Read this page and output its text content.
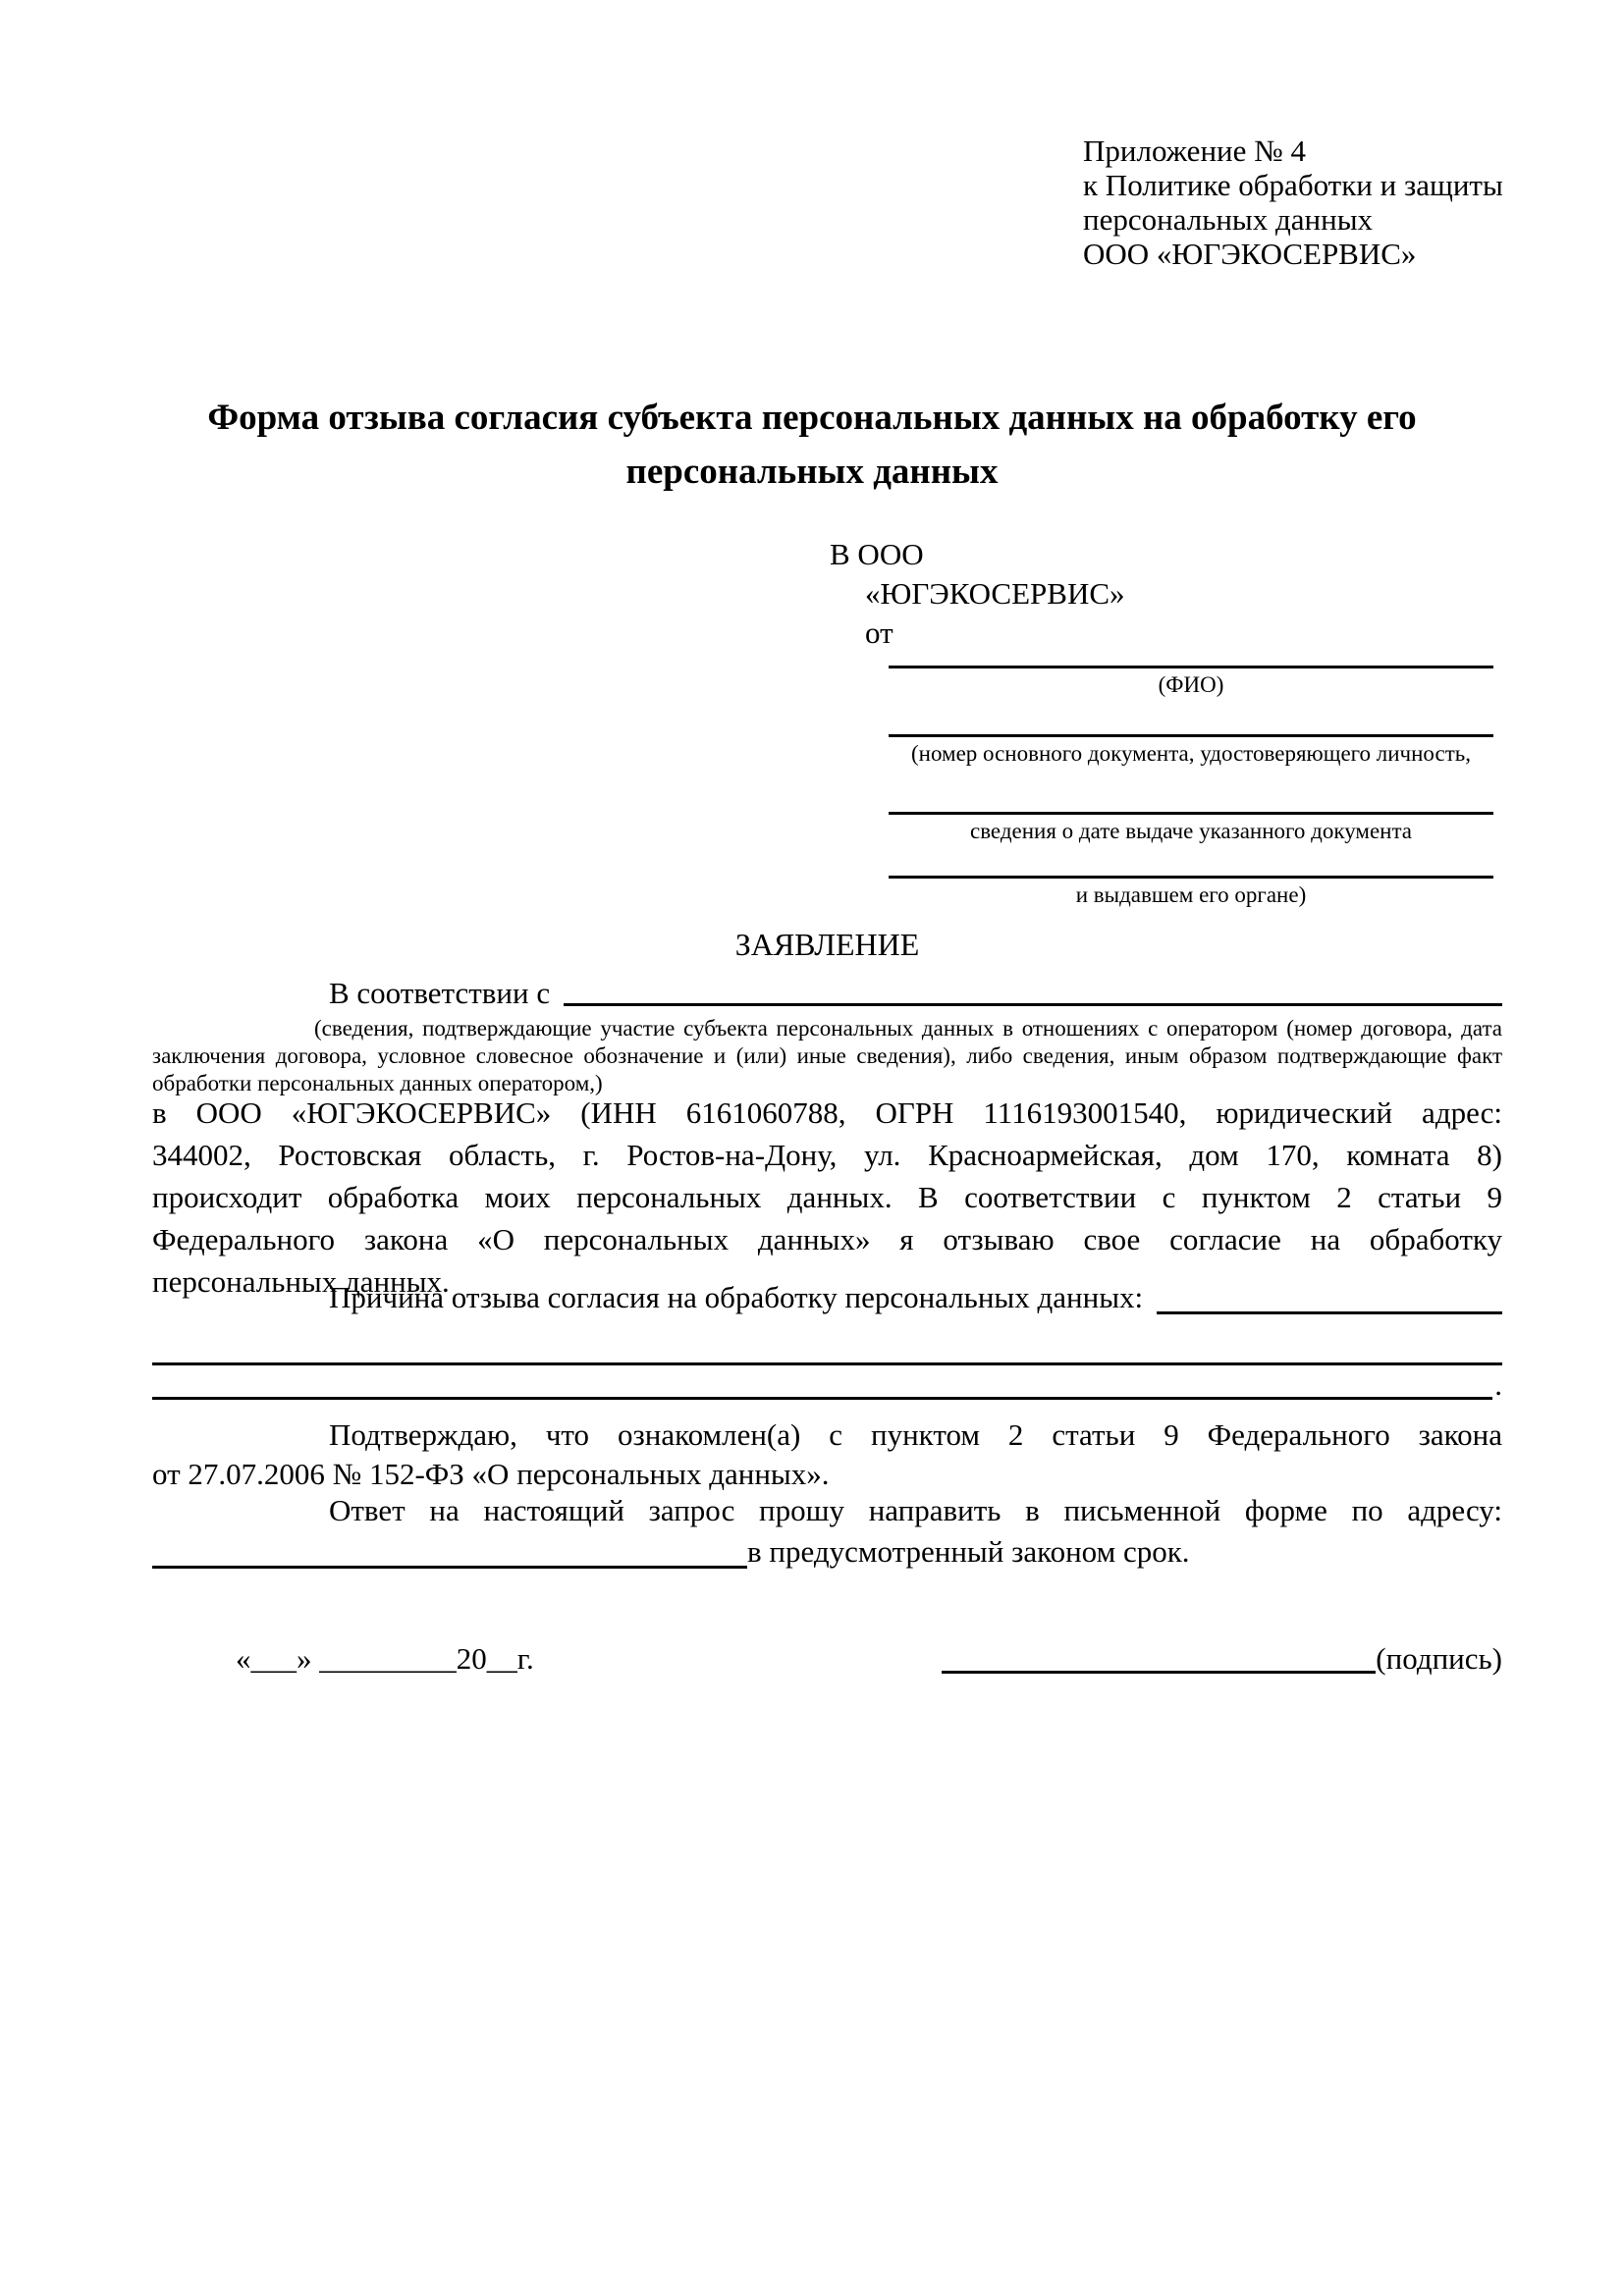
Приложение № 4
к Политике обработки и защиты
персональных данных
ООО «ЮГЭКОСЕРВИС»
Форма отзыва согласия субъекта персональных данных на обработку его персональных данных
В ООО
«ЮГЭКОСЕРВИС»
от
(ФИО)
(номер основного документа, удостоверяющего личность,
сведения о дате выдаче указанного документа
и выдавшем его органе)
ЗАЯВЛЕНИЕ
В соответствии с
(сведения, подтверждающие участие субъекта персональных данных в отношениях с оператором (номер договора, дата
заключения договора, условное словесное обозначение и (или) иные сведения), либо сведения, иным образом подтверждающие факт
обработки персональных данных оператором,)
в ООО «ЮГЭКОСЕРВИС» (ИНН 6161060788, ОГРН 1116193001540, юридический адрес:
344002, Ростовская область, г. Ростов-на-Дону, ул. Красноармейская, дом 170, комната 8)
происходит обработка моих персональных данных. В соответствии с пунктом 2 статьи 9
Федерального закона «О персональных данных» я отзываю свое согласие на обработку
персональных данных.
Причина отзыва согласия на обработку персональных данных:
.
Подтверждаю, что ознакомлен(а) с пунктом 2 статьи 9 Федерального закона
от 27.07.2006 № 152-ФЗ «О персональных данных».
Ответ на настоящий запрос прошу направить в письменной форме по адресу:
в предусмотренный законом срок.
«___» _________20__г.	(подпись)
